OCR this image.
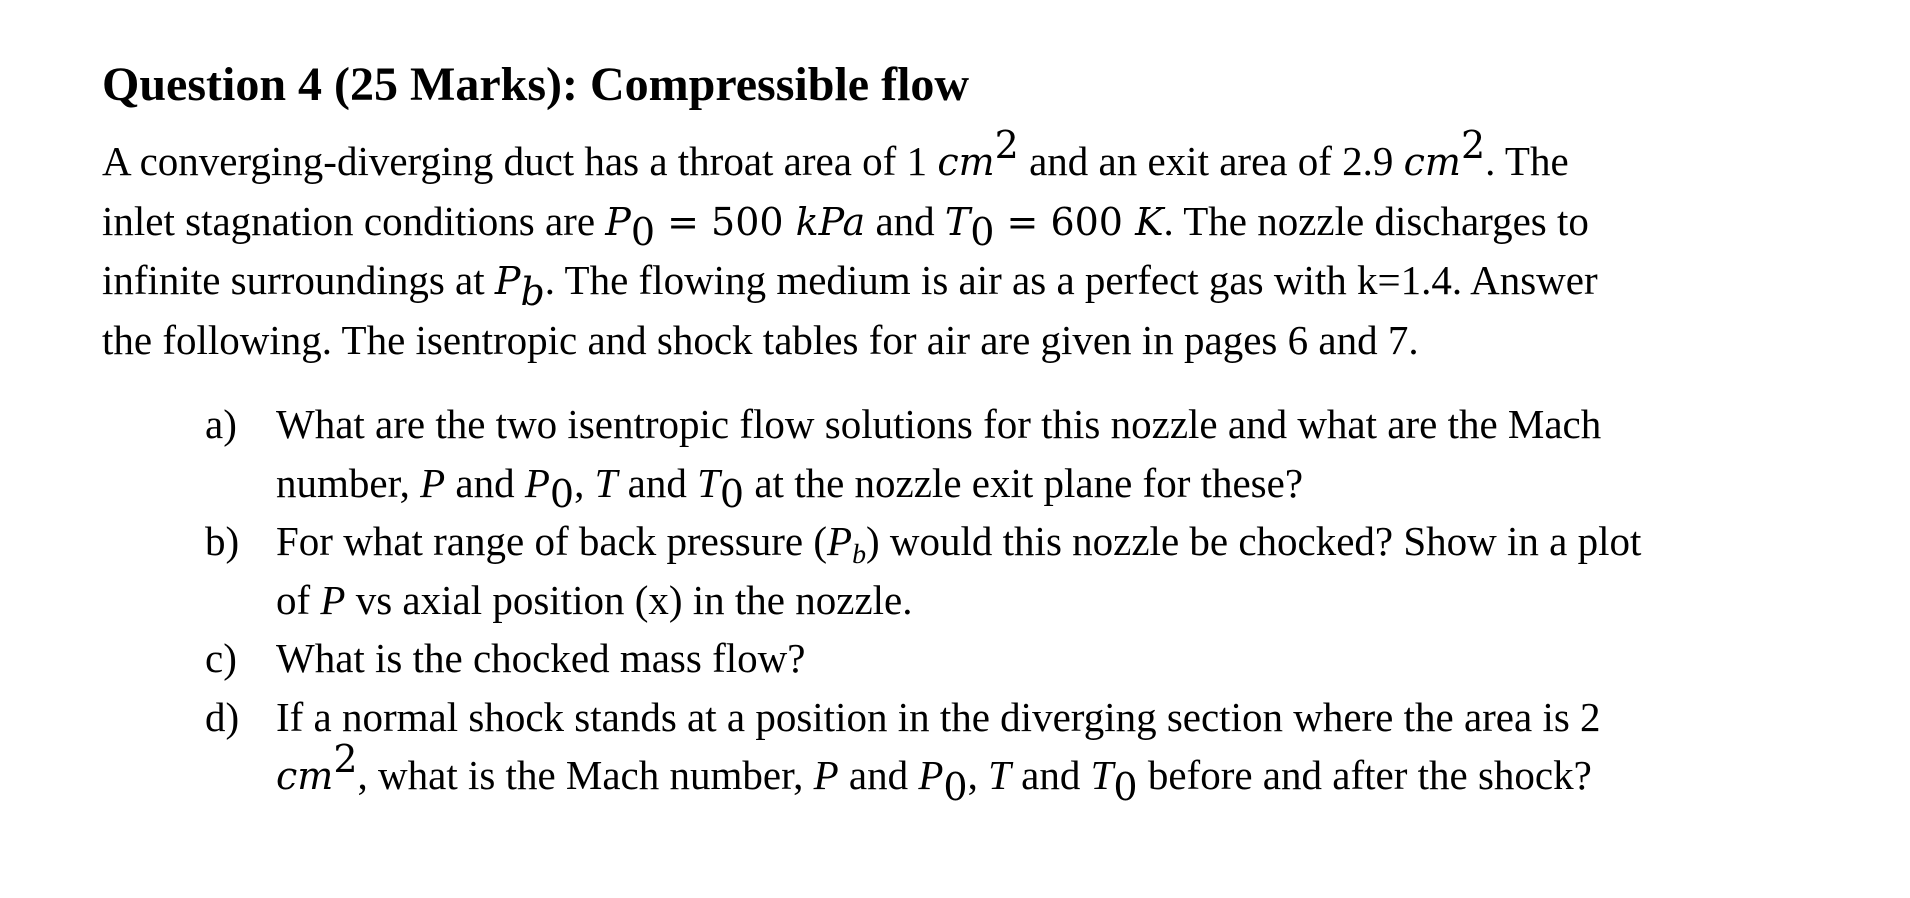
Question 4 (25 Marks): Compressible flow
A converging-diverging duct has a throat area of 1 $cm^2$ and an exit area of 2.9 $cm^2$. The
inlet stagnation conditions are $P_0 = 500$ kPa and $T_0 = 600$ K. The nozzle discharges to
infinite surroundings at $P_b$. The flowing medium is air as a perfect gas with k=1.4. Answer
the following. The isentropic and shock tables for air are given in pages 6 and 7.
a) What are the two isentropic flow solutions for this nozzle and what are the Mach
number, P and $P_0$, T and $T_0$ at the nozzle exit plane for these?
b) For what range of back pressure $(P_b)$ would this nozzle be chocked? Show in a plot
of P vs axial position (x) in the nozzle.
c) What is the chocked mass flow?
d) If a normal shock stands at a position in the diverging section where the area is 2
$cm^2$, what is the Mach number, P and $P_0$, T and $T_0$ before and after the shock?
